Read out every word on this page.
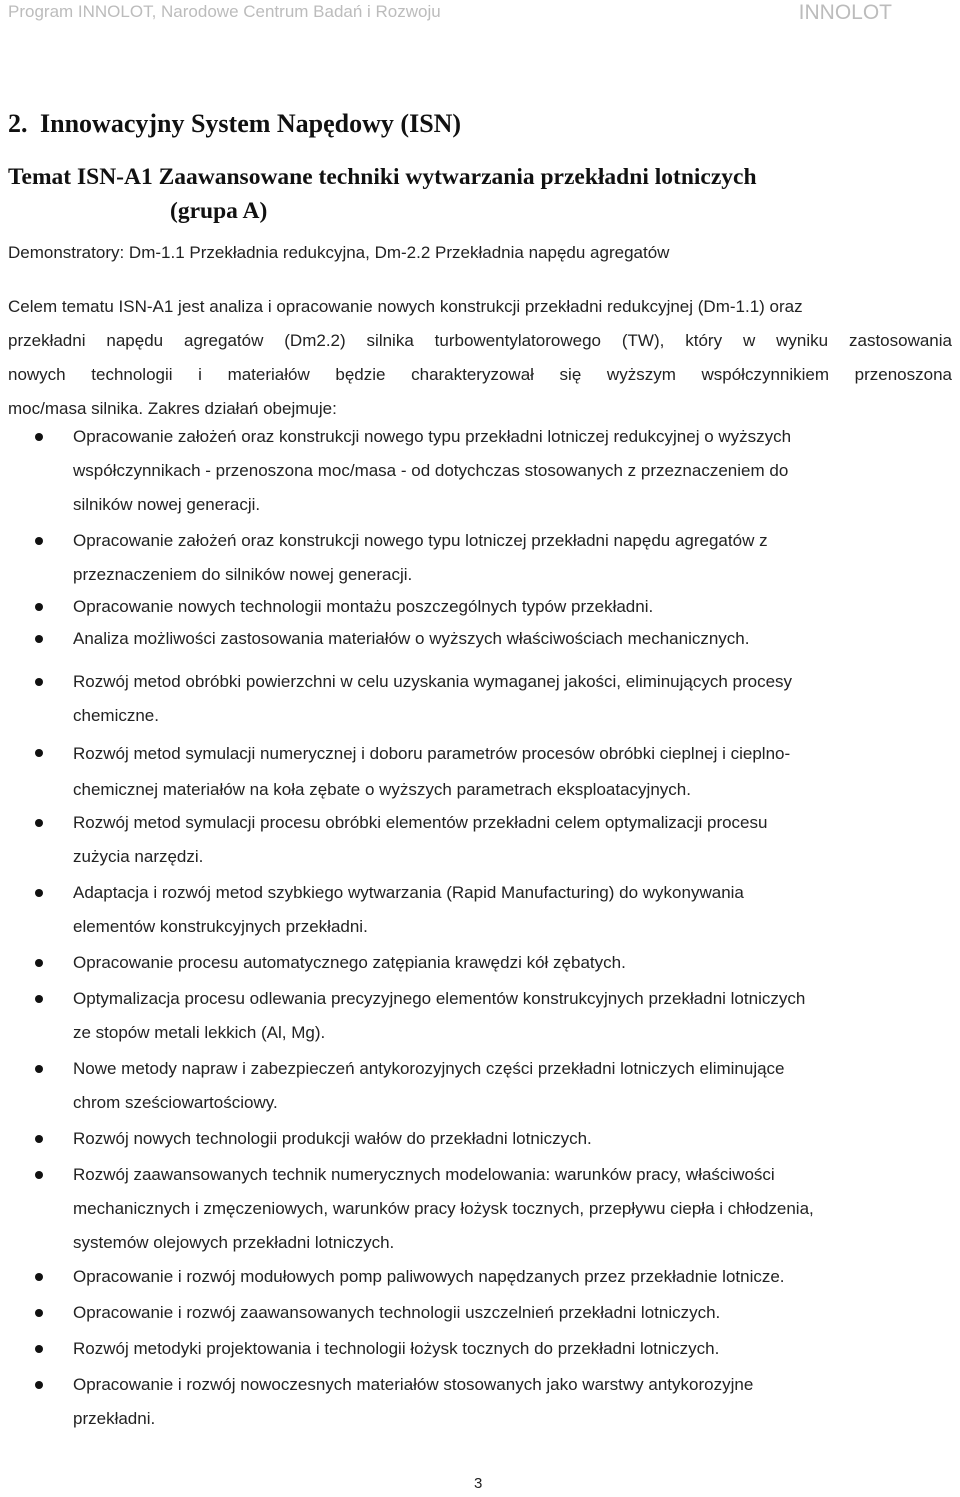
Program INNOLOT, Narodowe Centrum Badań i Rozwoju	INNOLOT
2. Innowacyjny System Napędowy (ISN)
Temat ISN-A1 Zaawansowane techniki wytwarzania przekładni lotniczych
(grupa A)
Demonstratory: Dm-1.1 Przekładnia redukcyjna, Dm-2.2 Przekładnia napędu agregatów
Celem tematu ISN-A1 jest analiza i opracowanie nowych konstrukcji przekładni redukcyjnej (Dm-1.1) oraz
przekładni napędu agregatów (Dm2.2) silnika turbowentylatorowego (TW), który w wyniku zastosowania
nowych technologii i materiałów będzie charakteryzował się wyższym współczynnikiem przenoszona
moc/masa silnika. Zakres działań obejmuje:
Opracowanie założeń oraz konstrukcji nowego typu przekładni lotniczej redukcyjnej o wyższych
współczynnikach - przenoszona moc/masa - od dotychczas stosowanych z przeznaczeniem do
silników nowej generacji.
Opracowanie założeń oraz konstrukcji nowego typu lotniczej przekładni napędu agregatów z
przeznaczeniem do silników nowej generacji.
Opracowanie nowych technologii montażu poszczególnych typów przekładni.
Analiza możliwości zastosowania materiałów o wyższych właściwościach mechanicznych.
Rozwój metod obróbki powierzchni w celu uzyskania wymaganej jakości, eliminujących procesy
chemiczne.
Rozwój metod symulacji numerycznej i doboru parametrów procesów obróbki cieplnej i cieplno-
chemicznej materiałów na koła zębate o wyższych parametrach eksploatacyjnych.
Rozwój metod symulacji procesu obróbki elementów przekładni celem optymalizacji procesu
zużycia narzędzi.
Adaptacja i rozwój metod szybkiego wytwarzania (Rapid Manufacturing) do wykonywania
elementów konstrukcyjnych przekładni.
Opracowanie procesu automatycznego zatępiania krawędzi kół zębatych.
Optymalizacja procesu odlewania precyzyjnego elementów konstrukcyjnych przekładni lotniczych
ze stopów metali lekkich (Al, Mg).
Nowe metody napraw i zabezpieczeń antykorozyjnych części przekładni lotniczych eliminujące
chrom sześciowartościowy.
Rozwój nowych technologii produkcji wałów do przekładni lotniczych.
Rozwój zaawansowanych technik numerycznych modelowania: warunków pracy, właściwości
mechanicznych i zmęczeniowych, warunków pracy łożysk tocznych, przepływu ciepła i chłodzenia,
systemów olejowych przekładni lotniczych.
Opracowanie i rozwój modułowych pomp paliwowych napędzanych przez przekładnie lotnicze.
Opracowanie i rozwój zaawansowanych technologii uszczelnień przekładni lotniczych.
Rozwój metodyki projektowania i technologii łożysk tocznych do przekładni lotniczych.
Opracowanie i rozwój nowoczesnych materiałów stosowanych jako warstwy antykorozyjne
przekładni.
3
